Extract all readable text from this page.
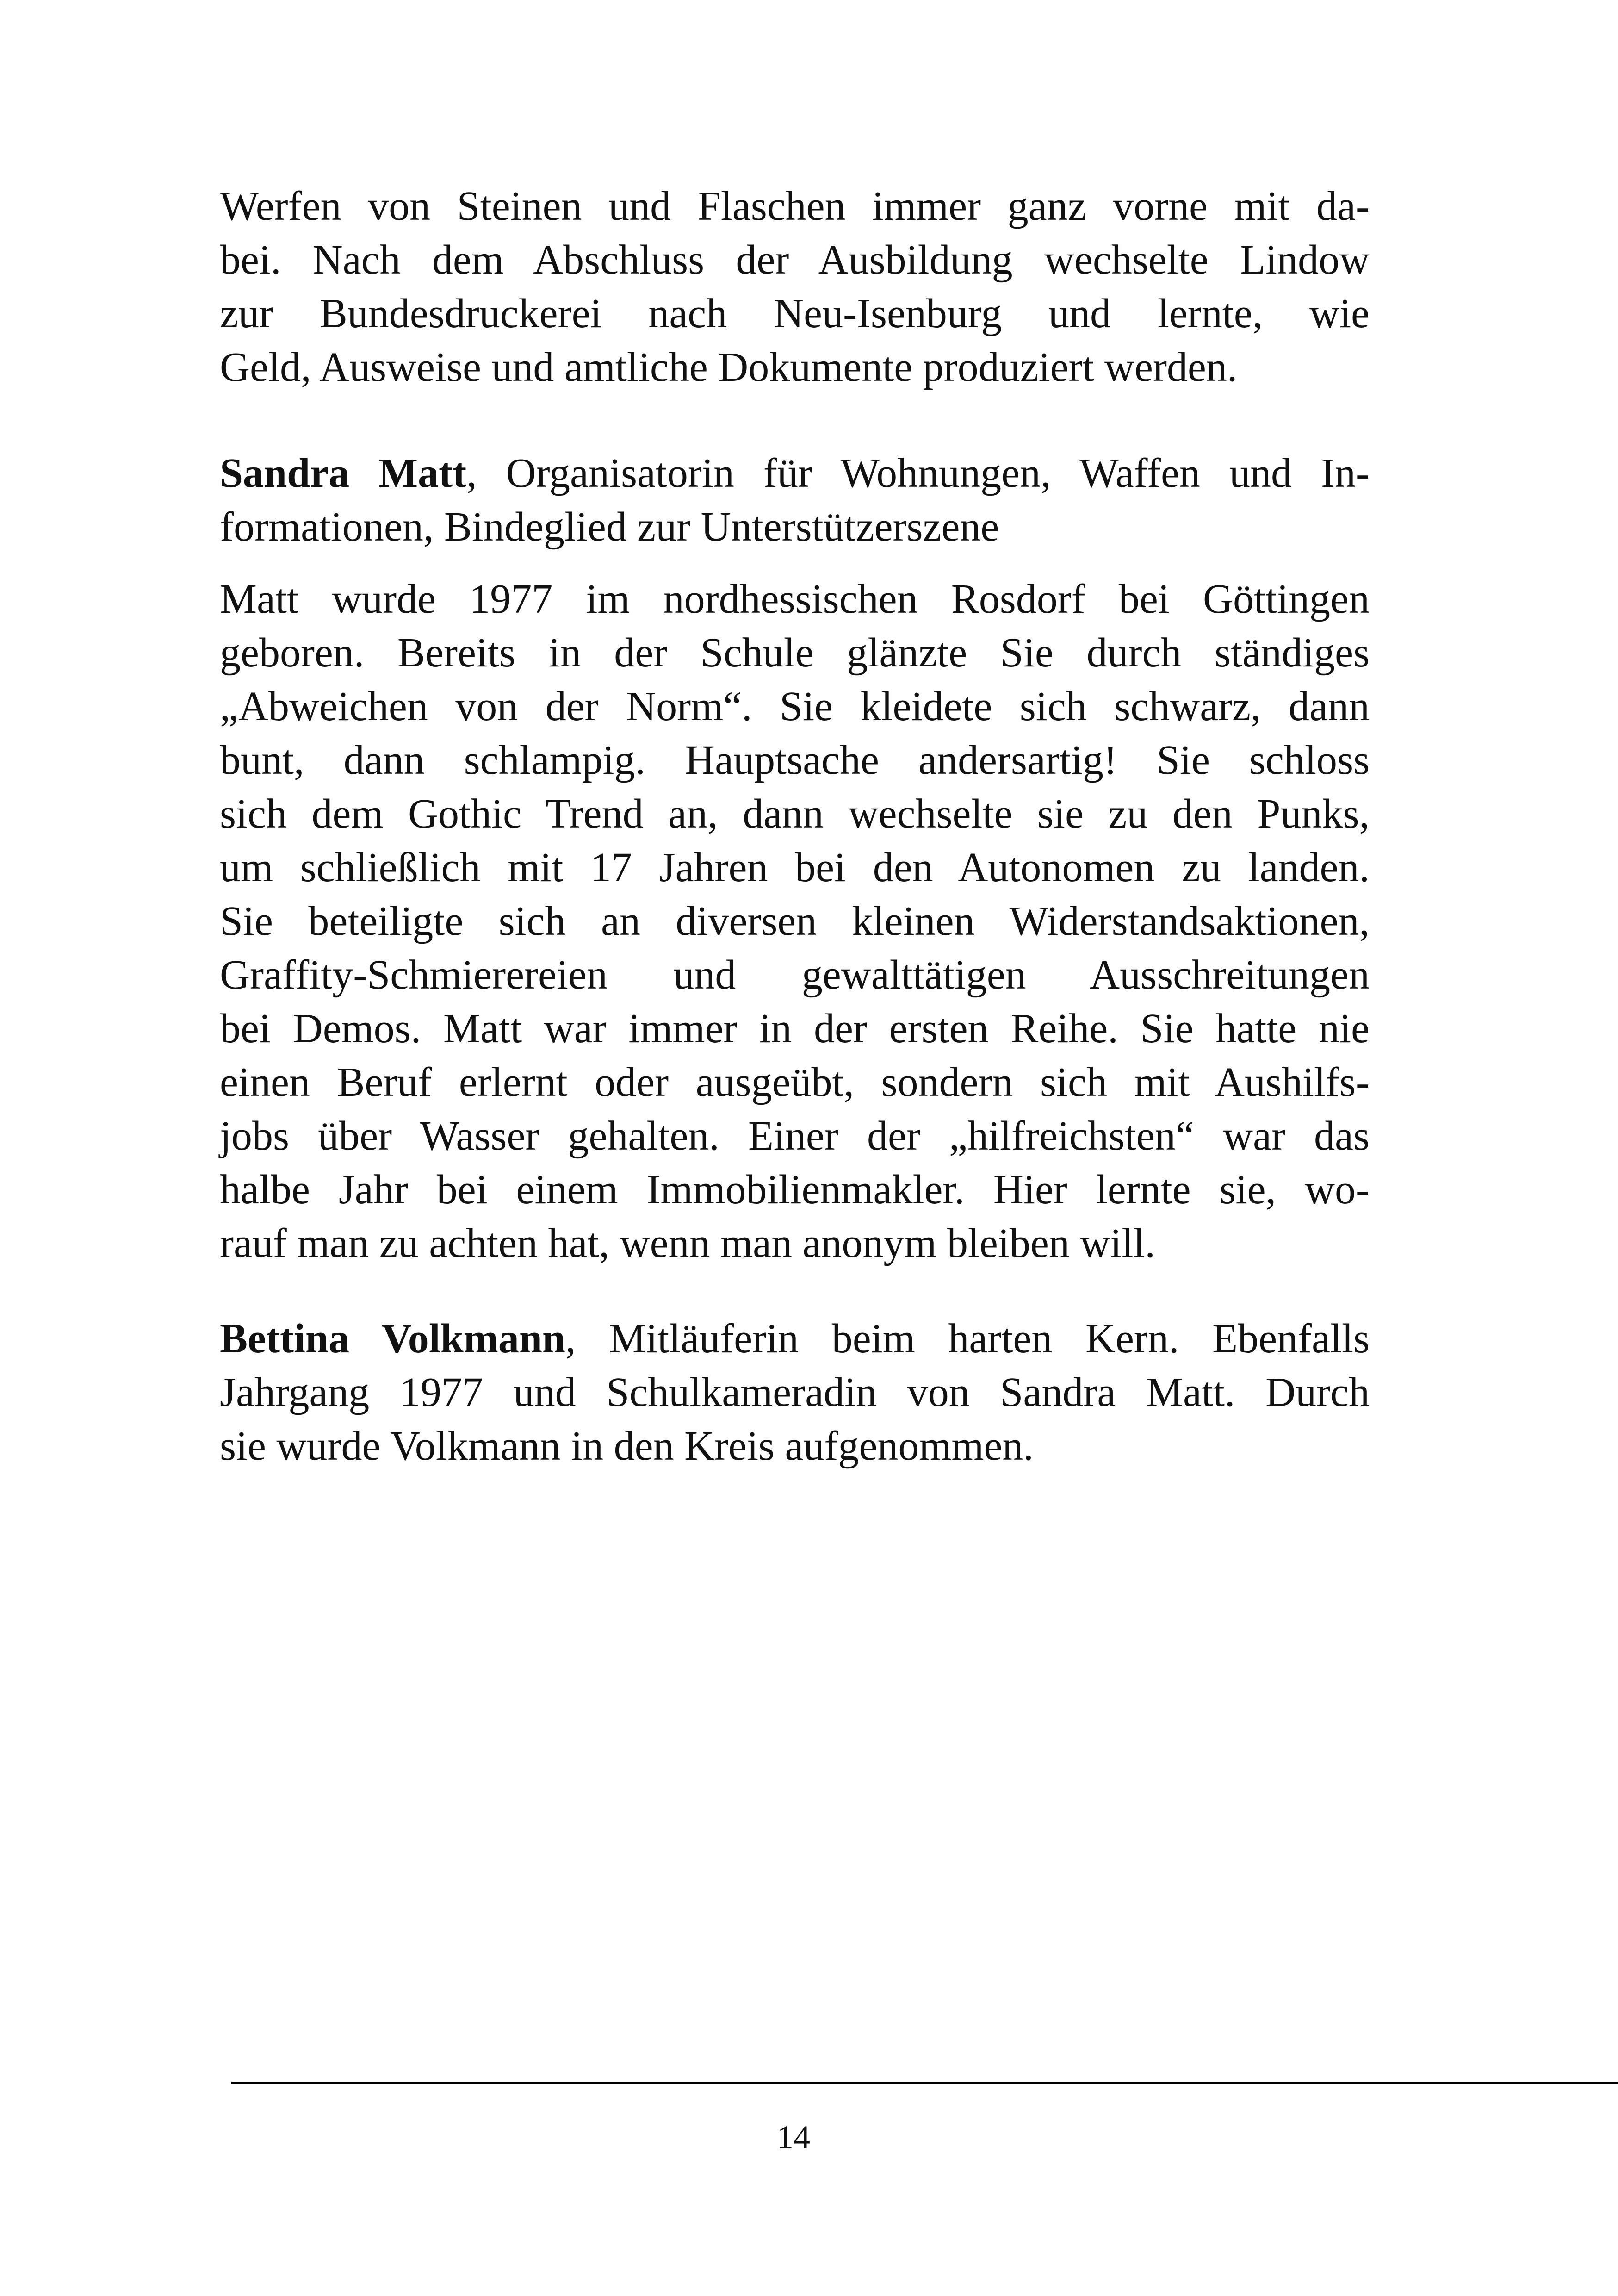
Werfen von Steinen und Flaschen immer ganz vorne mit da-
bei. Nach dem Abschluss der Ausbildung wechselte Lindow
zur Bundesdruckerei nach Neu-Isenburg und lernte, wie
Geld, Ausweise und amtliche Dokumente produziert werden.
Sandra Matt, Organisatorin für Wohnungen, Waffen und In-
formationen, Bindeglied zur Unterstützerszene
Matt wurde 1977 im nordhessischen Rosdorf bei Göttingen
geboren. Bereits in der Schule glänzte Sie durch ständiges
„Abweichen von der Norm“. Sie kleidete sich schwarz, dann
bunt, dann schlampig. Hauptsache andersartig! Sie schloss
sich dem Gothic Trend an, dann wechselte sie zu den Punks,
um schließlich mit 17 Jahren bei den Autonomen zu landen.
Sie beteiligte sich an diversen kleinen Widerstandsaktionen,
Graffity-Schmierereien und gewalttätigen Ausschreitungen
bei Demos. Matt war immer in der ersten Reihe. Sie hatte nie
einen Beruf erlernt oder ausgeübt, sondern sich mit Aushilfs-
jobs über Wasser gehalten. Einer der „hilfreichsten“ war das
halbe Jahr bei einem Immobilienmakler. Hier lernte sie, wo-
rauf man zu achten hat, wenn man anonym bleiben will.
Bettina Volkmann, Mitläuferin beim harten Kern. Ebenfalls
Jahrgang 1977 und Schulkameradin von Sandra Matt. Durch
sie wurde Volkmann in den Kreis aufgenommen.
14
